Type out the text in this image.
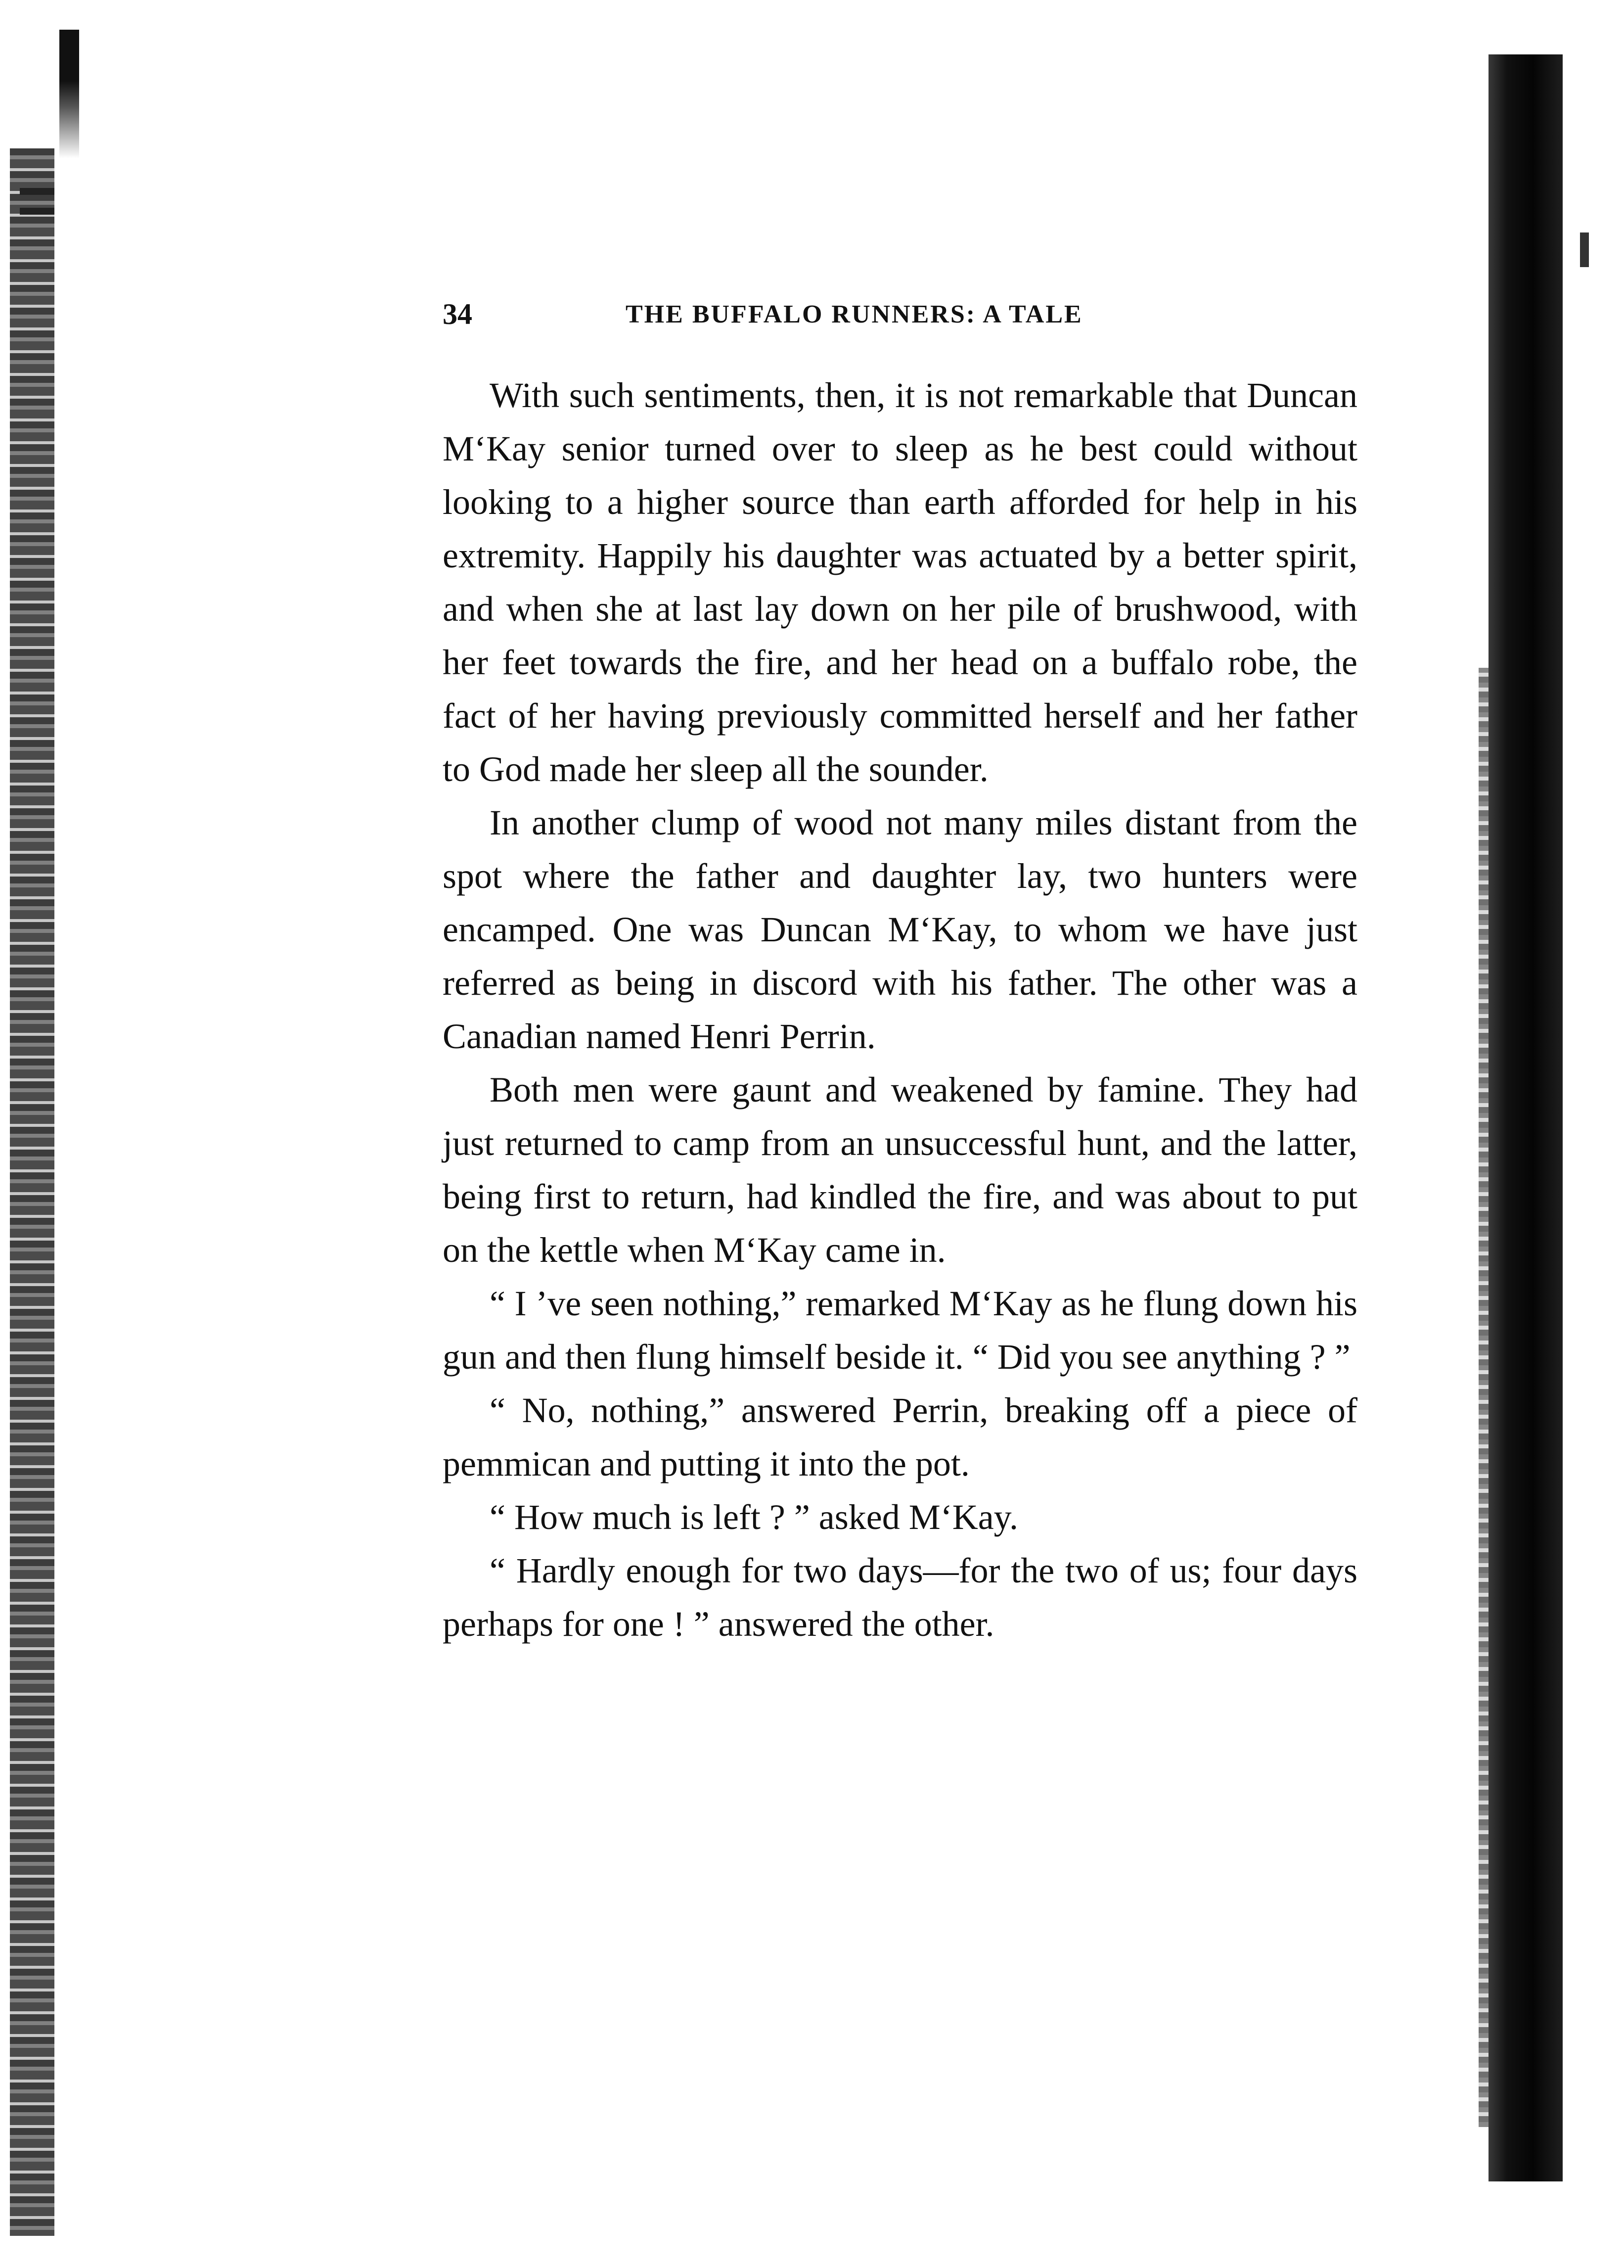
34	THE BUFFALO RUNNERS: A TALE

With such sentiments, then, it is not remarkable that Duncan M‘Kay senior turned over to sleep as he best could without looking to a higher source than earth afforded for help in his extremity. Happily his daughter was actuated by a better spirit, and when she at last lay down on her pile of brushwood, with her feet towards the fire, and her head on a buffalo robe, the fact of her having previously committed herself and her father to God made her sleep all the sounder.

In another clump of wood not many miles distant from the spot where the father and daughter lay, two hunters were encamped. One was Duncan M‘Kay, to whom we have just referred as being in discord with his father. The other was a Canadian named Henri Perrin.

Both men were gaunt and weakened by famine. They had just returned to camp from an unsuccessful hunt, and the latter, being first to return, had kindled the fire, and was about to put on the kettle when M‘Kay came in.

“ I ’ve seen nothing,” remarked M‘Kay as he flung down his gun and then flung himself beside it. “ Did you see anything ? ”

“ No, nothing,” answered Perrin, breaking off a piece of pemmican and putting it into the pot.

“ How much is left ? ” asked M‘Kay.

“ Hardly enough for two days—for the two of us; four days perhaps for one ! ” answered the other.
